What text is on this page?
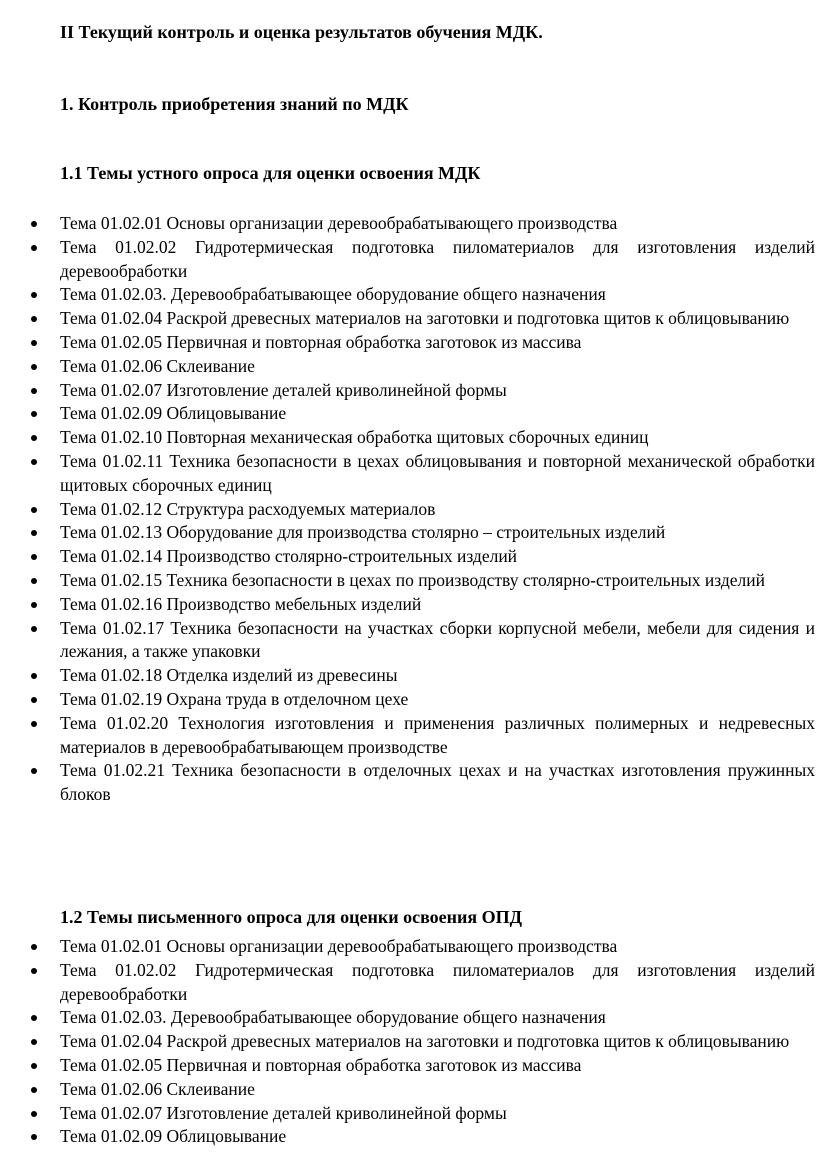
II Текущий контроль и оценка результатов обучения МДК.
1. Контроль приобретения знаний по МДК
1.1 Темы устного опроса для оценки освоения МДК
Тема 01.02.01 Основы организации деревообрабатывающего производства
Тема 01.02.02 Гидротермическая подготовка пиломатериалов для изготовления изделий деревообработки
Тема 01.02.03. Деревообрабатывающее оборудование общего назначения
Тема 01.02.04 Раскрой древесных материалов на заготовки и подготовка щитов к облицовыванию
Тема 01.02.05 Первичная и повторная обработка заготовок из массива
Тема 01.02.06 Склеивание
Тема 01.02.07 Изготовление деталей криволинейной формы
Тема 01.02.09 Облицовывание
Тема 01.02.10 Повторная механическая обработка щитовых сборочных единиц
Тема 01.02.11 Техника безопасности в цехах облицовывания и повторной механической обработки щитовых сборочных единиц
Тема 01.02.12 Структура расходуемых материалов
Тема 01.02.13 Оборудование для производства столярно – строительных изделий
Тема 01.02.14 Производство столярно-строительных изделий
Тема 01.02.15 Техника безопасности в цехах по производству столярно-строительных изделий
Тема 01.02.16 Производство мебельных изделий
Тема 01.02.17 Техника безопасности на участках сборки корпусной мебели, мебели для сидения и лежания, а также упаковки
Тема 01.02.18 Отделка изделий из древесины
Тема 01.02.19 Охрана труда в отделочном цехе
Тема 01.02.20 Технология изготовления и применения различных полимерных и недревесных материалов в деревообрабатывающем производстве
Тема 01.02.21 Техника безопасности в отделочных цехах и на участках изготовления пружинных блоков
1.2 Темы письменного опроса для оценки освоения ОПД
Тема 01.02.01 Основы организации деревообрабатывающего производства
Тема 01.02.02 Гидротермическая подготовка пиломатериалов для изготовления изделий деревообработки
Тема 01.02.03. Деревообрабатывающее оборудование общего назначения
Тема 01.02.04 Раскрой древесных материалов на заготовки и подготовка щитов к облицовыванию
Тема 01.02.05 Первичная и повторная обработка заготовок из массива
Тема 01.02.06 Склеивание
Тема 01.02.07 Изготовление деталей криволинейной формы
Тема 01.02.09 Облицовывание
